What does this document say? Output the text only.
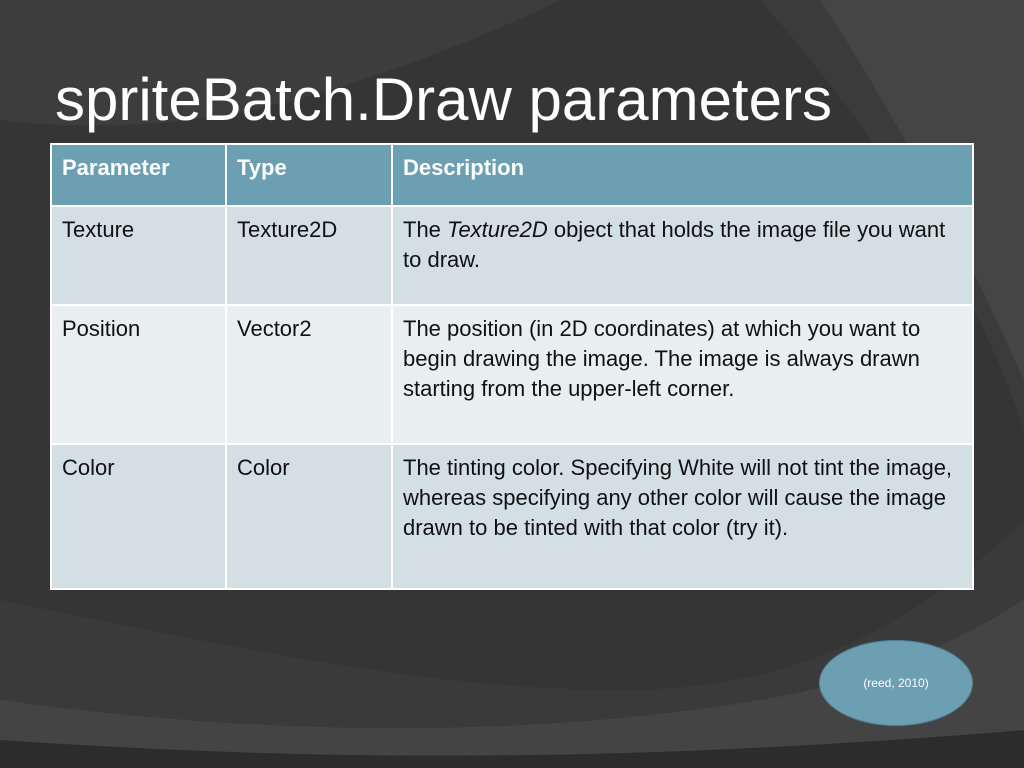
spriteBatch.Draw parameters
Parameter	Type	Description
Texture	Texture2D	The Texture2D object that holds the image file you want to draw.
Position	Vector2	The position (in 2D coordinates) at which you want to begin drawing the image. The image is always drawn starting from the upper-left corner.
Color	Color	The tinting color. Specifying White will not tint the image, whereas specifying any other color will cause the image drawn to be tinted with that color (try it).
(reed, 2010)
